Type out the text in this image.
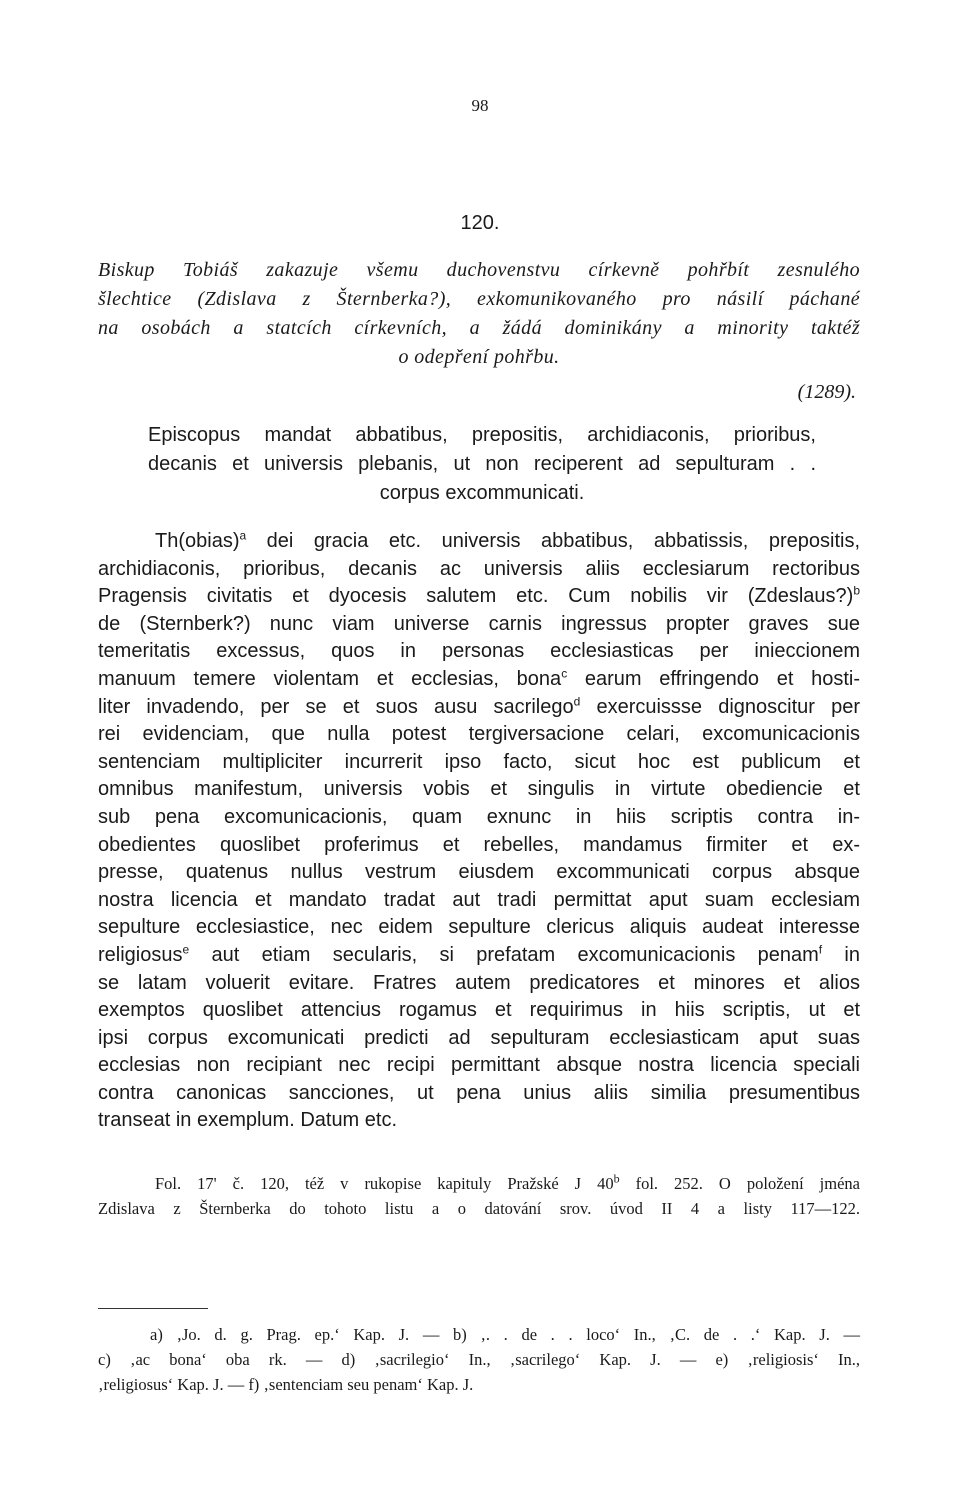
98
120.
Biskup Tobiáš zakazuje všemu duchovenstvu církevně pohřbít zesnulého
šlechtice (Zdislava z Šternberka?), exkomunikovaného pro násilí páchané
na osobách a statcích církevních, a žádá dominikány a minority taktéž
o odepření pohřbu.
(1289).
Episcopus mandat abbatibus, prepositis, archidiaconis, prioribus,
decanis et universis plebanis, ut non reciperent ad sepulturam . .
corpus excommunicati.
Th(obias)$^a$ dei gracia etc. universis abbatibus, abbatissis, prepositis,
archidiaconis, prioribus, decanis ac universis aliis ecclesiarum rectoribus
Pragensis civitatis et dyocesis salutem etc. Cum nobilis vir (Zdeslaus?)$^b$
de (Sternberk?) nunc viam universe carnis ingressus propter graves sue
temeritatis excessus, quos in personas ecclesiasticas per inieccionem
manuum temere violentam et ecclesias, bona$^c$ earum effringendo et hosti-
liter invadendo, per se et suos ausu sacrilego$^d$ exercuissse dignoscitur per
rei evidenciam, que nulla potest tergiversacione celari, excomunicacionis
sentenciam multipliciter incurrerit ipso facto, sicut hoc est publicum et
omnibus manifestum, universis vobis et singulis in virtute obediencie et
sub pena excomunicacionis, quam exnunc in hiis scriptis contra in-
obedientes quoslibet proferimus et rebelles, mandamus firmiter et ex-
presse, quatenus nullus vestrum eiusdem excommunicati corpus absque
nostra licencia et mandato tradat aut tradi permittat aput suam ecclesiam
sepulture ecclesiastice, nec eidem sepulture clericus aliquis audeat interesse
religiosus$^e$ aut etiam secularis, si prefatam excomunicacionis penam$^f$ in
se latam voluerit evitare. Fratres autem predicatores et minores et alios
exemptos quoslibet attencius rogamus et requirimus in hiis scriptis, ut et
ipsi corpus excomunicati predicti ad sepulturam ecclesiasticam aput suas
ecclesias non recipiant nec recipi permittant absque nostra licencia speciali
contra canonicas sancciones, ut pena unius aliis similia presumentibus
transeat in exemplum. Datum etc.
Fol. 17' č. 120, též v rukopise kapituly Pražské J 40$^b$ fol. 252. O položení jména
Zdislava z Šternberka do tohoto listu a o datování srov. úvod II 4 a listy 117—122.
a) ‚Jo. d. g. Prag. ep.‘ Kap. J. — b) ‚. . de . . loco‘ In., ‚C. de . .‘ Kap. J. —
c) ‚ac bona‘ oba rk. — d) ‚sacrilegio‘ In., ‚sacrilego‘ Kap. J. — e) ‚religiosis‘ In.,
‚religiosus‘ Kap. J. — f) ‚sentenciam seu penam‘ Kap. J.
